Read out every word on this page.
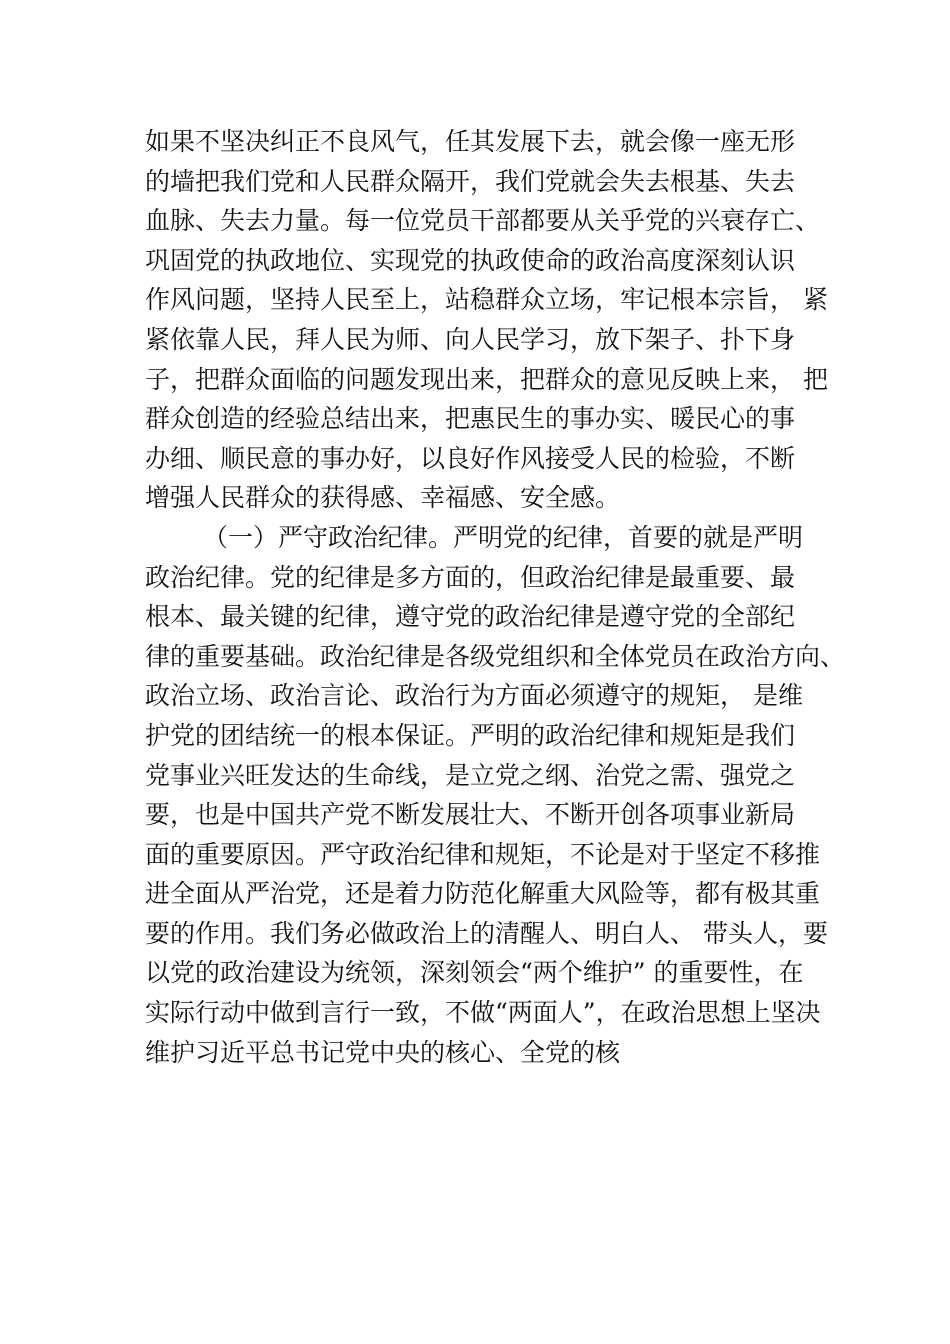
如果不坚决纠正不良风气，任其发展下去，就会像一座无形
的墙把我们党和人民群众隔开，我们党就会失去根基、失去
血脉、失去力量。每一位党员干部都要从关乎党的兴衰存亡、
巩固党的执政地位、实现党的执政使命的政治高度深刻认识
作风问题，坚持人民至上，站稳群众立场，牢记根本宗旨， 紧
紧依靠人民，拜人民为师、向人民学习，放下架子、扑下身
子，把群众面临的问题发现出来，把群众的意见反映上来， 把
群众创造的经验总结出来，把惠民生的事办实、暖民心的事
办细、顺民意的事办好，以良好作风接受人民的检验，不断
增强人民群众的获得感、幸福感、安全感。
（一）严守政治纪律。严明党的纪律，首要的就是严明
政治纪律。党的纪律是多方面的，但政治纪律是最重要、最
根本、最关键的纪律，遵守党的政治纪律是遵守党的全部纪
律的重要基础。政治纪律是各级党组织和全体党员在政治方向、
政治立场、政治言论、政治行为方面必须遵守的规矩， 是维
护党的团结统一的根本保证。严明的政治纪律和规矩是我们
党事业兴旺发达的生命线，是立党之纲、治党之需、强党之
要，也是中国共产党不断发展壮大、不断开创各项事业新局
面的重要原因。严守政治纪律和规矩，不论是对于坚定不移推
进全面从严治党，还是着力防范化解重大风险等，都有极其重
要的作用。我们务必做政治上的清醒人、明白人、 带头人，要
以党的政治建设为统领，深刻领会“两个维护” 的重要性，在
实际行动中做到言行一致，不做“两面人”，在政治思想上坚决
维护习近平总书记党中央的核心、全党的核
